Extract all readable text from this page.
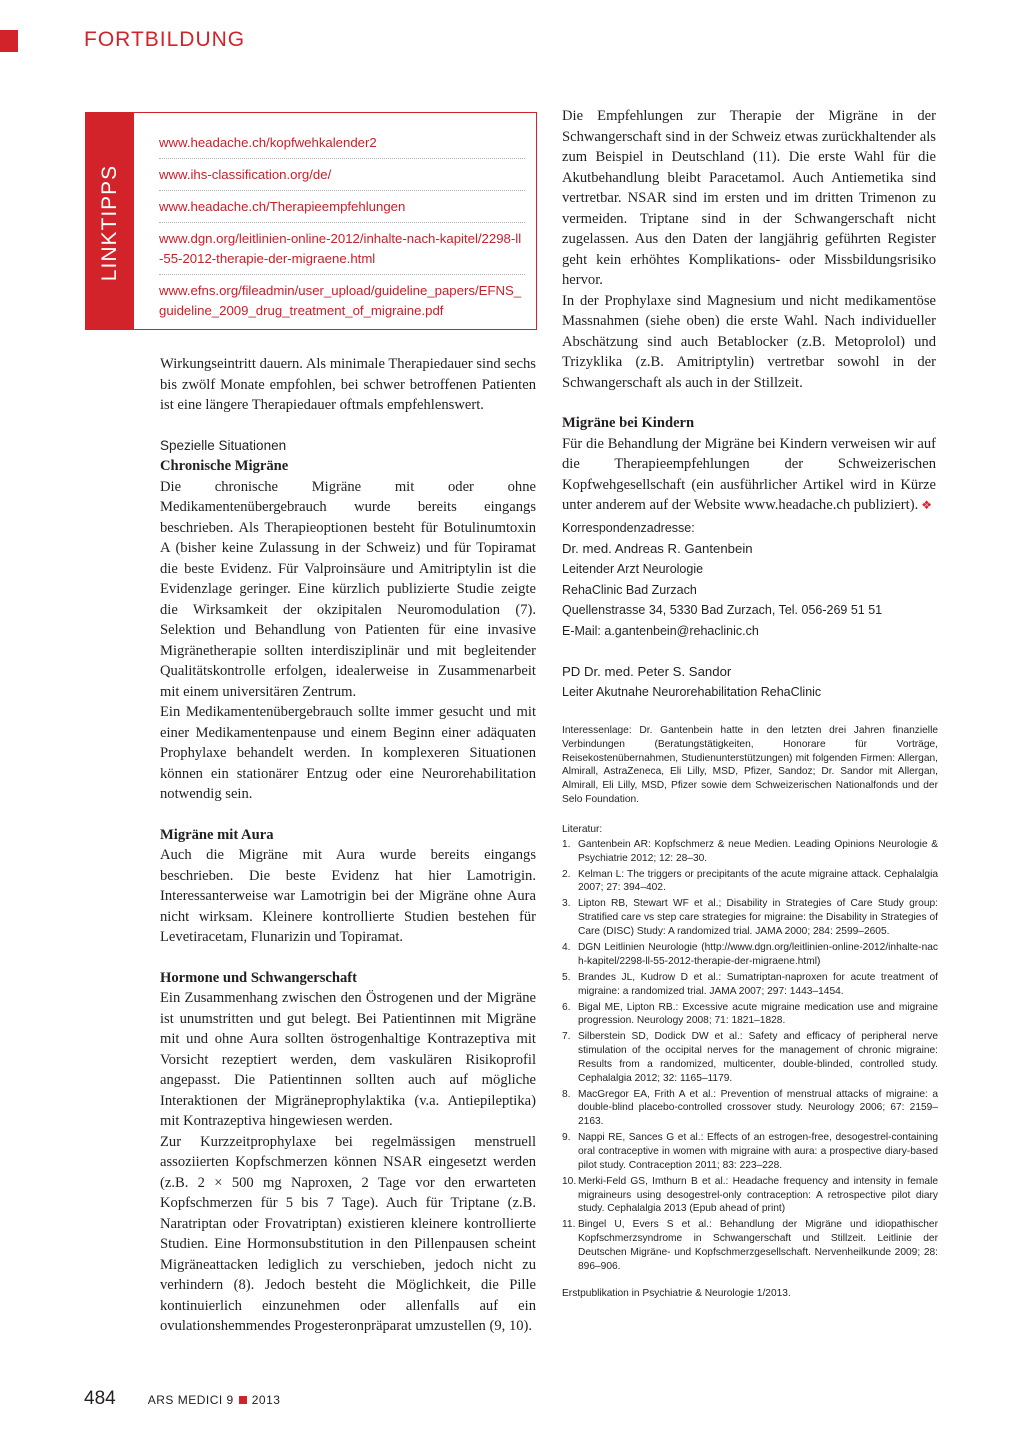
FORTBILDUNG
LINKTIPPS
www.headache.ch/kopfwehkalender2
www.ihs-classification.org/de/
www.headache.ch/Therapieempfehlungen
www.dgn.org/leitlinien-online-2012/inhalte-nach-kapitel/2298-ll-55-2012-therapie-der-migraene.html
www.efns.org/fileadmin/user_upload/guideline_papers/EFNS_guideline_2009_drug_treatment_of_migraine.pdf

Wirkungseintritt dauern. Als minimale Therapiedauer sind sechs bis zwölf Monate empfohlen, bei schwer betroffenen Patienten ist eine längere Therapiedauer oftmals empfehlenswert.

Spezielle Situationen

Chronische Migräne

Die chronische Migräne mit oder ohne Medikamentenübergebrauch wurde bereits eingangs beschrieben. Als Therapieoptionen besteht für Botulinumtoxin A (bisher keine Zulassung in der Schweiz) und für Topiramat die beste Evidenz. Für Valproinsäure und Amitriptylin ist die Evidenzlage geringer. Eine kürzlich publizierte Studie zeigte die Wirksamkeit der okzipitalen Neuromodulation (7). Selektion und Behandlung von Patienten für eine invasive Migränetherapie sollten interdisziplinär und mit begleitender Qualitätskontrolle erfolgen, idealerweise in Zusammenarbeit mit einem universitären Zentrum.

Ein Medikamentenübergebrauch sollte immer gesucht und mit einer Medikamentenpause und einem Beginn einer adäquaten Prophylaxe behandelt werden. In komplexeren Situationen können ein stationärer Entzug oder eine Neurorehabilitation notwendig sein.

Migräne mit Aura

Auch die Migräne mit Aura wurde bereits eingangs beschrieben. Die beste Evidenz hat hier Lamotrigin. Interessanterweise war Lamotrigin bei der Migräne ohne Aura nicht wirksam. Kleinere kontrollierte Studien bestehen für Levetiracetam, Flunarizin und Topiramat.

Hormone und Schwangerschaft

Ein Zusammenhang zwischen den Östrogenen und der Migräne ist unumstritten und gut belegt. Bei Patientinnen mit Migräne mit und ohne Aura sollten östrogenhaltige Kontrazeptiva mit Vorsicht rezeptiert werden, dem vaskulären Risikoprofil angepasst. Die Patientinnen sollten auch auf mögliche Interaktionen der Migräneprophylaktika (v.a. Antiepileptika) mit Kontrazeptiva hingewiesen werden.

Zur Kurzzeitprophylaxe bei regelmässigen menstruell assoziierten Kopfschmerzen können NSAR eingesetzt werden (z.B. 2 × 500 mg Naproxen, 2 Tage vor den erwarteten Kopfschmerzen für 5 bis 7 Tage). Auch für Triptane (z.B. Naratriptan oder Frovatriptan) existieren kleinere kontrollierte Studien. Eine Hormonsubstitution in den Pillenpausen scheint Migräneattacken lediglich zu verschieben, jedoch nicht zu verhindern (8). Jedoch besteht die Möglichkeit, die Pille kontinuierlich einzunehmen oder allenfalls auf ein ovulationshemmendes Progesteronpräparat umzustellen (9, 10).

Die Empfehlungen zur Therapie der Migräne in der Schwangerschaft sind in der Schweiz etwas zurückhaltender als zum Beispiel in Deutschland (11). Die erste Wahl für die Akutbehandlung bleibt Paracetamol. Auch Antiemetika sind vertretbar. NSAR sind im ersten und im dritten Trimenon zu vermeiden. Triptane sind in der Schwangerschaft nicht zugelassen. Aus den Daten der langjährig geführten Register geht kein erhöhtes Komplikations- oder Missbildungsrisiko hervor.

In der Prophylaxe sind Magnesium und nicht medikamentöse Massnahmen (siehe oben) die erste Wahl. Nach individueller Abschätzung sind auch Betablocker (z.B. Metoprolol) und Trizyklika (z.B. Amitriptylin) vertretbar sowohl in der Schwangerschaft als auch in der Stillzeit.

Migräne bei Kindern

Für die Behandlung der Migräne bei Kindern verweisen wir auf die Therapieempfehlungen der Schweizerischen Kopfwehgesellschaft (ein ausführlicher Artikel wird in Kürze unter anderem auf der Website www.headache.ch publiziert). ❖

Korrespondenzadresse:
Dr. med. Andreas R. Gantenbein
Leitender Arzt Neurologie
RehaClinic Bad Zurzach
Quellenstrasse 34, 5330 Bad Zurzach, Tel. 056-269 51 51
E-Mail: a.gantenbein@rehaclinic.ch
PD Dr. med. Peter S. Sandor
Leiter Akutnahe Neurorehabilitation RehaClinic
Interessenlage: Dr. Gantenbein hatte in den letzten drei Jahren finanzielle Verbindungen (Beratungstätigkeiten, Honorare für Vorträge, Reisekostenübernahmen, Studienunterstützungen) mit folgenden Firmen: Allergan, Almirall, AstraZeneca, Eli Lilly, MSD, Pfizer, Sandoz; Dr. Sandor mit Allergan, Almirall, Eli Lilly, MSD, Pfizer sowie dem Schweizerischen Nationalfonds und der Selo Foundation.
Literatur:
1. Gantenbein AR: Kopfschmerz & neue Medien. Leading Opinions Neurologie & Psychiatrie 2012; 12: 28–30.
2. Kelman L: The triggers or precipitants of the acute migraine attack. Cephalalgia 2007; 27: 394–402.
3. Lipton RB, Stewart WF et al.; Disability in Strategies of Care Study group: Stratified care vs step care strategies for migraine: the Disability in Strategies of Care (DISC) Study: A randomized trial. JAMA 2000; 284: 2599–2605.
4. DGN Leitlinien Neurologie (http://www.dgn.org/leitlinien-online-2012/inhalte-nach-kapitel/2298-ll-55-2012-therapie-der-migraene.html)
5. Brandes JL, Kudrow D et al.: Sumatriptan-naproxen for acute treatment of migraine: a randomized trial. JAMA 2007; 297: 1443–1454.
6. Bigal ME, Lipton RB.: Excessive acute migraine medication use and migraine progression. Neurology 2008; 71: 1821–1828.
7. Silberstein SD, Dodick DW et al.: Safety and efficacy of peripheral nerve stimulation of the occipital nerves for the management of chronic migraine: Results from a randomized, multicenter, double-blinded, controlled study. Cephalalgia 2012; 32: 1165–1179.
8. MacGregor EA, Frith A et al.: Prevention of menstrual attacks of migraine: a double-blind placebo-controlled crossover study. Neurology 2006; 67: 2159–2163.
9. Nappi RE, Sances G et al.: Effects of an estrogen-free, desogestrel-containing oral contraceptive in women with migraine with aura: a prospective diary-based pilot study. Contraception 2011; 83: 223–228.
10. Merki-Feld GS, Imthurn B et al.: Headache frequency and intensity in female migraineurs using desogestrel-only contraception: A retrospective pilot diary study. Cephalalgia 2013 (Epub ahead of print)
11. Bingel U, Evers S et al.: Behandlung der Migräne und idiopathischer Kopfschmerzsyndrome in Schwangerschaft und Stillzeit. Leitlinie der Deutschen Migräne- und Kopfschmerzgesellschaft. Nervenheilkunde 2009; 28: 896–906.
Erstpublikation in Psychiatrie & Neurologie 1/2013.
484	ARS MEDICI 9 2013
